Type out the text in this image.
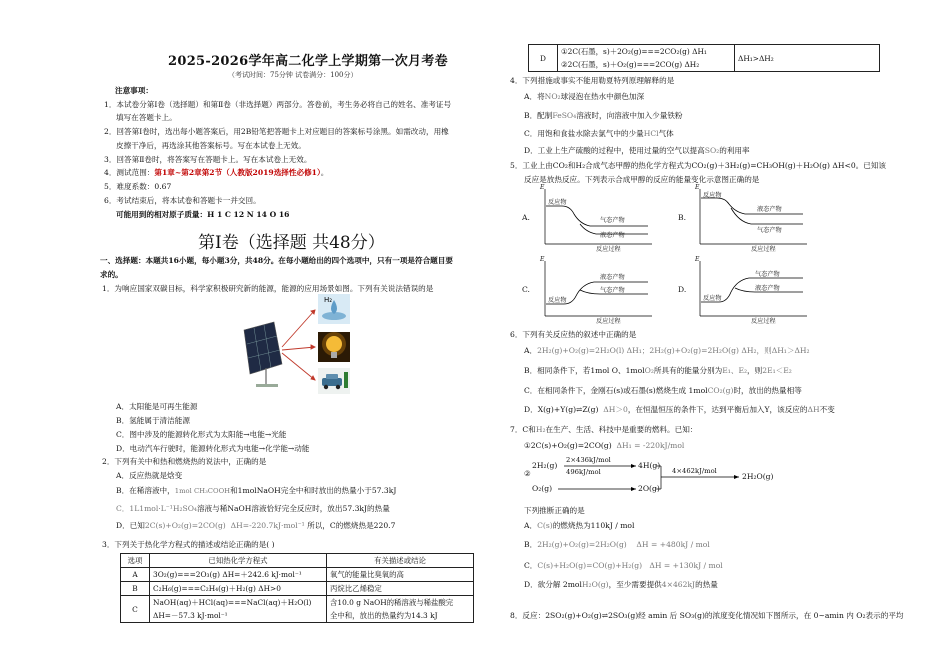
2025-2026学年高二化学上学期第一次月考卷
（考试时间：75分钟 试卷满分：100分）
注意事项：
1．本试卷分第Ⅰ卷（选择题）和第Ⅱ卷（非选择题）两部分。答卷前，考生务必将自己的姓名、准考证号
填写在答题卡上。
2．回答第Ⅰ卷时，选出每小题答案后，用2B铅笔把答题卡上对应题目的答案标号涂黑。如需改动，用橡
皮擦干净后，再选涂其他答案标号。写在本试卷上无效。
3．回答第Ⅱ卷时，将答案写在答题卡上。写在本试卷上无效。
4．测试范围：第1章~第2章第2节（人教版2019选择性必修1）。
5．难度系数：0.67
6．考试结束后，将本试卷和答题卡一并交回。
可能用到的相对原子质量：H 1 C 12 N 14 O 16
第Ⅰ卷（选择题 共48分）
一、选择题：本题共16小题，每小题3分，共48分。在每小题给出的四个选项中，只有一项是符合题目要
求的。
1．为响应国家双碳目标，科学家积极研究新的能源，能源的应用场景如图。下列有关说法错误的是
H₂
A．太阳能是可再生能源
B．氢能属于清洁能源
C．图中涉及的能源转化形式为太阳能→电能→光能
D．电动汽车行驶时，能源转化形式为电能→化学能→动能
2．下列有关中和热和燃烧热的说法中，正确的是
A．反应热就是焓变
B．在稀溶液中，1mol CH₃COOH和1molNaOH完全中和时放出的热量小于57.3kJ
C．1L1mol·L⁻¹H₂SO₄溶液与稀NaOH溶液恰好完全反应时，放出57.3kJ的热量
D．已知2C(s)+O₂(g)=2CO(g) ΔH=-220.7kJ·mol⁻¹ 所以，C的燃烧热是220.7
3．下列关于热化学方程式的描述或结论正确的是( )
选项	已知热化学方程式	有关描述或结论
A	3O₂(g)===2O₃(g) ΔH=＋242.6 kJ·mol⁻¹	氧气的能量比臭氧的高
B	C₂H₆(g)===C₂H₄(g)＋H₂(g) ΔH>0	丙烷比乙烯稳定
C	NaOH(aq)＋HCl(aq)===NaCl(aq)＋H₂O(l)	含10.0 g NaOH的稀溶液与稀盐酸完
	ΔH=－57.3 kJ·mol⁻¹	全中和，放出的热量约为14.3 kJ
D	①2C(石墨，s)＋2O₂(g)===2CO₂(g) ΔH₁	ΔH₁>ΔH₂
②2C(石墨，s)＋O₂(g)===2CO(g) ΔH₂
4．下列措施或事实不能用勒夏特列原理解释的是
A．将NO₂球浸泡在热水中颜色加深
B．配制FeSO₄溶液时，向溶液中加入少量铁粉
C．用饱和食盐水除去氯气中的少量HCl气体
D．工业上生产硫酸的过程中，使用过量的空气以提高SO₂的利用率
5．工业上由CO₂和H₂合成气态甲醇的热化学方程式为CO₂(g)＋3H₂(g)=CH₃OH(g)＋H₂O(g) ΔH<0。已知该
反应是放热反应。下列表示合成甲醇的反应的能量变化示意图正确的是
A.	B.
C.	D.
E
反应物
气态产物
液态产物
反应过程
E
反应物
液态产物
气态产物
反应过程
E
反应物
液态产物
气态产物
反应过程
E
反应物
气态产物
液态产物
反应过程
6．下列有关反应热的叙述中正确的是
A．2H₂(g)+O₂(g)=2H₂O(l) ΔH₁；2H₂(g)+O₂(g)=2H₂O(g) ΔH₂，则ΔH₁＞ΔH₂
B．相同条件下，若1mol O、1molO₂所具有的能量分别为E₁、E₂，则2E₁＜E₂
C．在相同条件下，金刚石(s)或石墨(s)燃烧生成 1molCO₂(g)时，放出的热量相等
D．X(g)+Y(g)⇌Z(g) ΔH＞0，在恒温恒压的条件下，达到平衡后加入Y，该反应的ΔH不变
7．C和H₂在生产、生活、科技中是重要的燃料。已知：
①2C(s)+O₂(g)=2CO(g) ΔH₁ = -220kJ/mol
②
2H₂(g)
O₂(g)
2×436kJ/mol
496kJ/mol
4H(g)
2O(g)
4×462kJ/mol
2H₂O(g)
下列推断正确的是
A．C(s)的燃烧热为110kJ / mol
B．2H₂(g)+O₂(g)=2H₂O(g) ΔH = +480kJ / mol
C．C(s)+H₂O(g)=CO(g)+H₂(g) ΔH = +130kJ / mol
D．欲分解 2molH₂O(g)，至少需要提供4×462kJ的热量
8．反应：2SO₂(g)+O₂(g)⇌2SO₃(g)经 amin 后 SO₃(g)的浓度变化情况如下图所示，在 0~amin 内 O₂表示的平均
